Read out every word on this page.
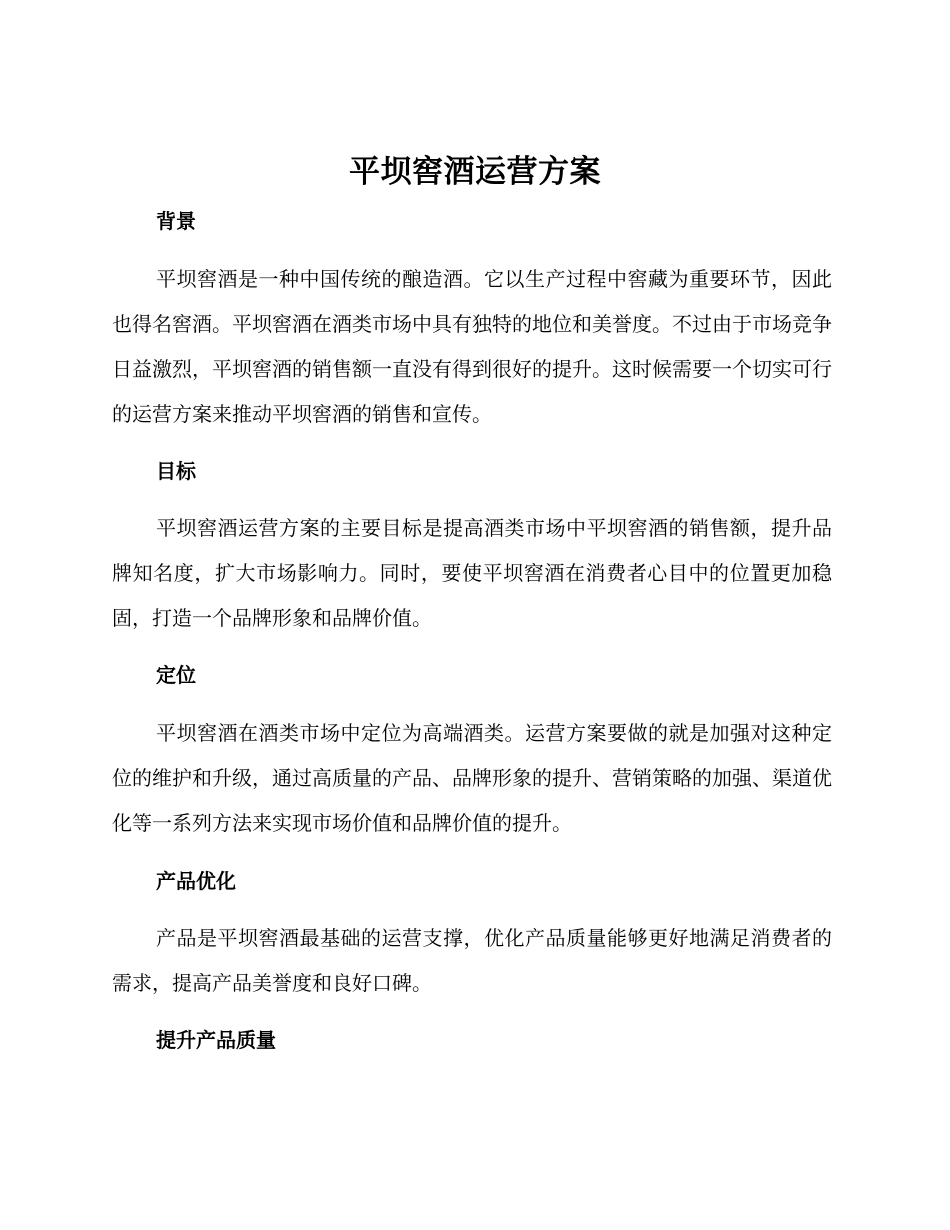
平坝窖酒运营方案
背景

平坝窖酒是一种中国传统的酿造酒。它以生产过程中窖藏为重要环节，因此也得名窖酒。平坝窖酒在酒类市场中具有独特的地位和美誉度。不过由于市场竞争日益激烈，平坝窖酒的销售额一直没有得到很好的提升。这时候需要一个切实可行的运营方案来推动平坝窖酒的销售和宣传。

目标

平坝窖酒运营方案的主要目标是提高酒类市场中平坝窖酒的销售额，提升品牌知名度，扩大市场影响力。同时，要使平坝窖酒在消费者心目中的位置更加稳固，打造一个品牌形象和品牌价值。

定位

平坝窖酒在酒类市场中定位为高端酒类。运营方案要做的就是加强对这种定位的维护和升级，通过高质量的产品、品牌形象的提升、营销策略的加强、渠道优化等一系列方法来实现市场价值和品牌价值的提升。

产品优化

产品是平坝窖酒最基础的运营支撑，优化产品质量能够更好地满足消费者的需求，提高产品美誉度和良好口碑。

提升产品质量
